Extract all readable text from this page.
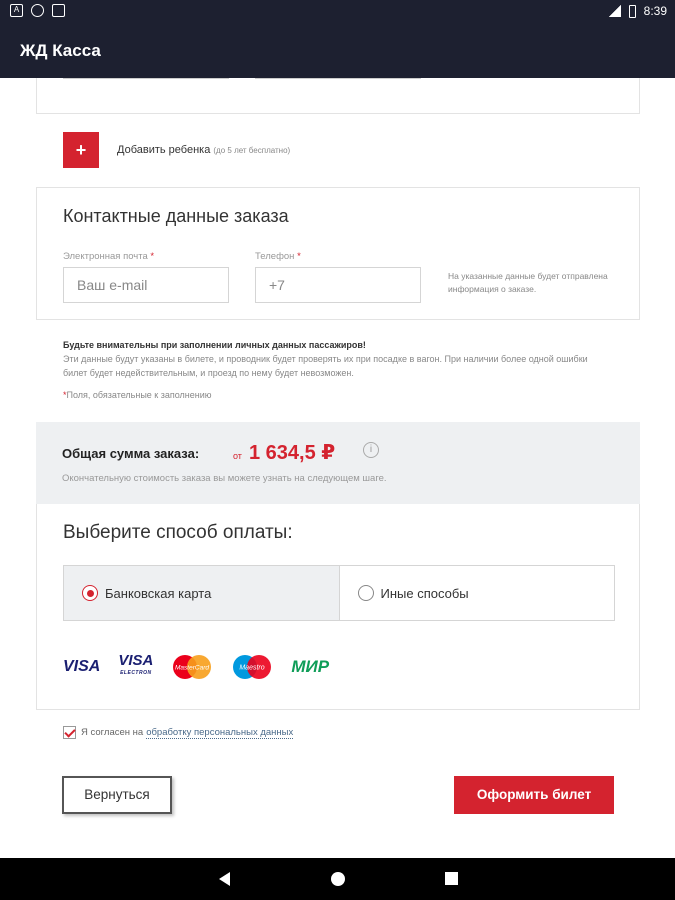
A	8:39
ЖД Касса
+	Добавить ребенка (до 5 лет бесплатно)
Контактные данные заказа
Электронная почта *
Ваш e-mail
Телефон *
+7
На указанные данные будет отправлена информация о заказе.
Будьте внимательны при заполнении личных данных пассажиров!
Эти данные будут указаны в билете, и проводник будет проверять их при посадке в вагон. При наличии более одной ошибки билет будет недействительным, и проезд по нему будет невозможен.
*Поля, обязательные к заполнению
Общая сумма заказа:	от 1 634,5 ₽	i
Окончательную стоимость заказа вы можете узнать на следующем шаге.
Выберите способ оплаты:
Банковская карта	Иные способы
VISA VISA
ELECTRON
MasterCard	Maestro МИР
Я согласен на обработку персональных данных
Вернуться	Оформить билет
